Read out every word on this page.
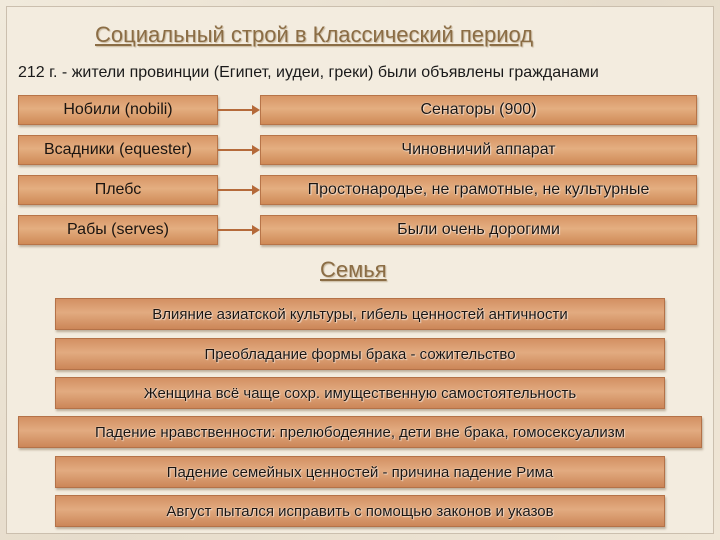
Социальный строй в Классический период
212 г. - жители провинции (Египет, иудеи, греки) были объявлены гражданами
Нобили (nobili)	Сенаторы (900)
Всадники (equester)	Чиновничий аппарат
Плебс	Простонародье, не грамотные, не культурные
Рабы (serves)	Были очень дорогими
Семья
Влияние азиатской культуры, гибель ценностей античности
Преобладание формы брака - сожительство
Женщина всё чаще сохр. имущественную самостоятельность
Падение нравственности: прелюбодеяние, дети вне брака, гомосексуализм
Падение семейных ценностей - причина падение Рима
Август пытался исправить с помощью законов и указов
